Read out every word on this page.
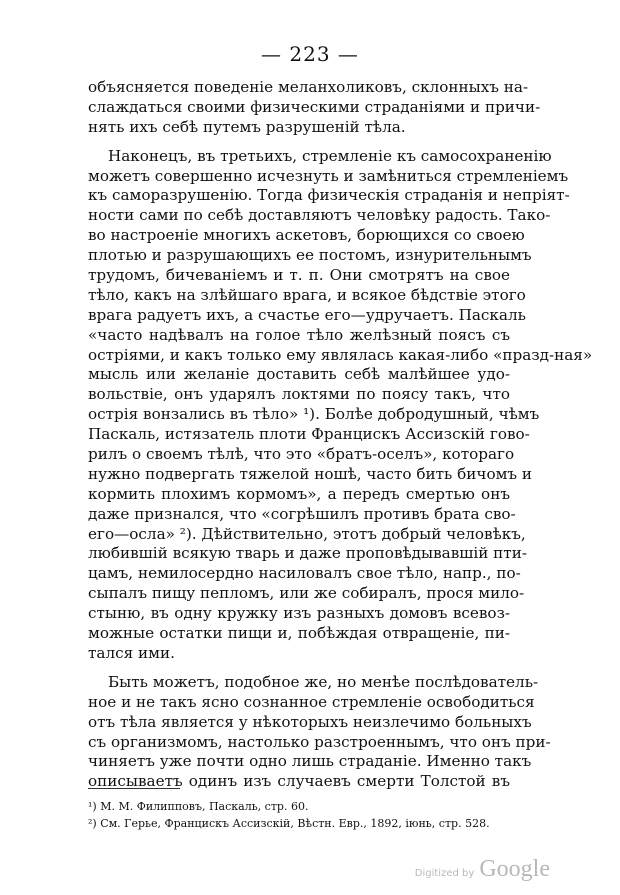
— 223 —
объясняется поведеніе меланхоликовъ, склонныхъ на-
слаждаться своими физическими страданіями и причи-
нять ихъ себѣ путемъ разрушеній тѣла.
Наконецъ, въ третьихъ, стремленіе къ самосохраненію
можетъ совершенно исчезнуть и замѣниться стремленіемъ
къ саморазрушенію. Тогда физическія страданія и непріят-
ности сами по себѣ доставляютъ человѣку радость. Тако-
во настроеніе многихъ аскетовъ, борющихся со своею
плотью и разрушающихъ ее постомъ, изнурительнымъ
трудомъ, бичеваніемъ и т. п. Они смотрятъ на свое
тѣло, какъ на злѣйшаго врага, и всякое бѣдствіе этого
врага радуетъ ихъ, а счастье его—удручаетъ. Паскаль
«часто надѣвалъ на голое тѣло желѣзный поясъ съ
остріями, и какъ только ему являлась какая-либо «празд-ная»
мысль или желаніе доставить себѣ малѣйшее удо-
вольствіе, онъ ударялъ локтями по поясу такъ, что
острія вонзались въ тѣло» ¹). Болѣе добродушный, чѣмъ
Паскаль, истязатель плоти Францискъ Ассизскій гово-
рилъ о своемъ тѣлѣ, что это «братъ-оселъ», котораго
нужно подвергать тяжелой ношѣ, часто бить бичомъ и
кормить плохимъ кормомъ», а передъ смертью онъ
даже признался, что «согрѣшилъ противъ брата сво-
его—осла» ²). Дѣйствительно, этотъ добрый человѣкъ,
любившій всякую тварь и даже проповѣдывавшій пти-
цамъ, немилосердно насиловалъ свое тѣло, напр., по-
сыпалъ пищу пепломъ, или же собиралъ, прося мило-
стыню, въ одну кружку изъ разныхъ домовъ всевоз-
можные остатки пищи и, побѣждая отвращеніе, пи-
тался ими.
Быть можетъ, подобное же, но менѣе послѣдователь-
ное и не такъ ясно сознанное стремленіе освободиться
отъ тѣла является у нѣкоторыхъ неизлечимо больныхъ
съ организмомъ, настолько разстроеннымъ, что онъ при-
чиняетъ уже почти одно лишь страданіе. Именно такъ
описываетъ одинъ изъ случаевъ смерти Толстой въ
¹) М. М. Филипповъ, Паскаль, стр. 60.
²) См. Герье, Францискъ Ассизскій, Вѣстн. Евр., 1892, іюнь, стр. 528.
Digitized by Google
